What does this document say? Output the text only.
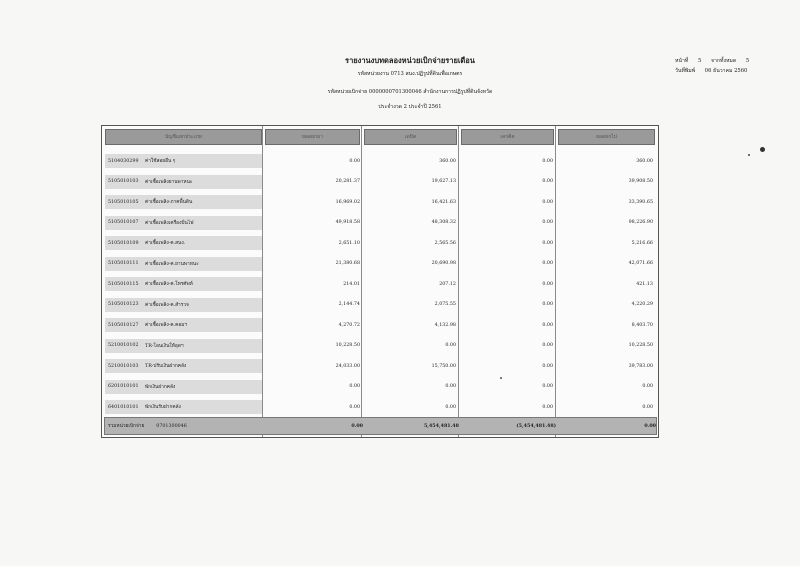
รายงานงบทดลองหน่วยเบิกจ่ายรายเดือน
รหัสหน่วยงาน 0713 สนง.ปฏิรูปที่ดินเพื่อเกษตร
รหัสหน่วยเบิกจ่าย 0000000701300046 สำนักงานการปฏิรูปที่ดินจังหวัด
ประจำงวด 2 ประจำปี 2561
หน้าที่ 5 จากทั้งหมด 5
วันที่พิมพ์ 06 ธันวาคม 2560
บัญชีแยกประเภท	ยอดยกมา	เดบิต	เครดิต	ยอดยกไป
5104030299	ค่าใช้สอยอื่น ๆ	0.00	360.00	0.00	360.00
5105010103	ค่าเชื้อเพลิงยานพาหนะ	20,281.37	19,627.13	0.00	39,908.50
5105010105	ค่าเชื้อเพลิง-ภาคพื้นดิน	16,969.02	16,421.63	0.00	33,390.65
5105010107	ค่าเชื้อเพลิงเครื่องปั่นไฟ	49,918.58	48,308.32	0.00	98,226.90
5105010109	ค่าเชื้อเพลิง-ค.สนง.	2,651.10	2,565.56	0.00	5,216.66
5105010111	ค่าเชื้อเพลิง-ค.ยานพาหนะ	21,380.68	20,690.98	0.00	42,071.66
5105010115	ค่าเชื้อเพลิง-ค.โทรศัพท์	214.01	207.12	0.00	421.13
5105010123	ค่าเชื้อเพลิง-ค.สำรวจ	2,144.74	2,075.55	0.00	4,220.29
5105010127	ค่าเชื้อเพลิง-ค.คอมฯ	4,270.72	4,132.98	0.00	8,403.70
5210010102	TR-โอนเงินให้อุดฯ	10,228.50	0.00	0.00	10,228.50
5210010103	TR-ปรับเงินฝากคลัง	24,033.00	15,750.00	0.00	39,783.00
6201010101	พักเงินฝากคลัง	0.00	0.00	0.00	0.00
6401010101	พักเงินรับฝากคลัง	0.00	0.00	0.00	0.00
รวมหน่วยเบิกจ่าย	0701300046	0.00	5,454,481.48	(5,454,481.48)	0.00
